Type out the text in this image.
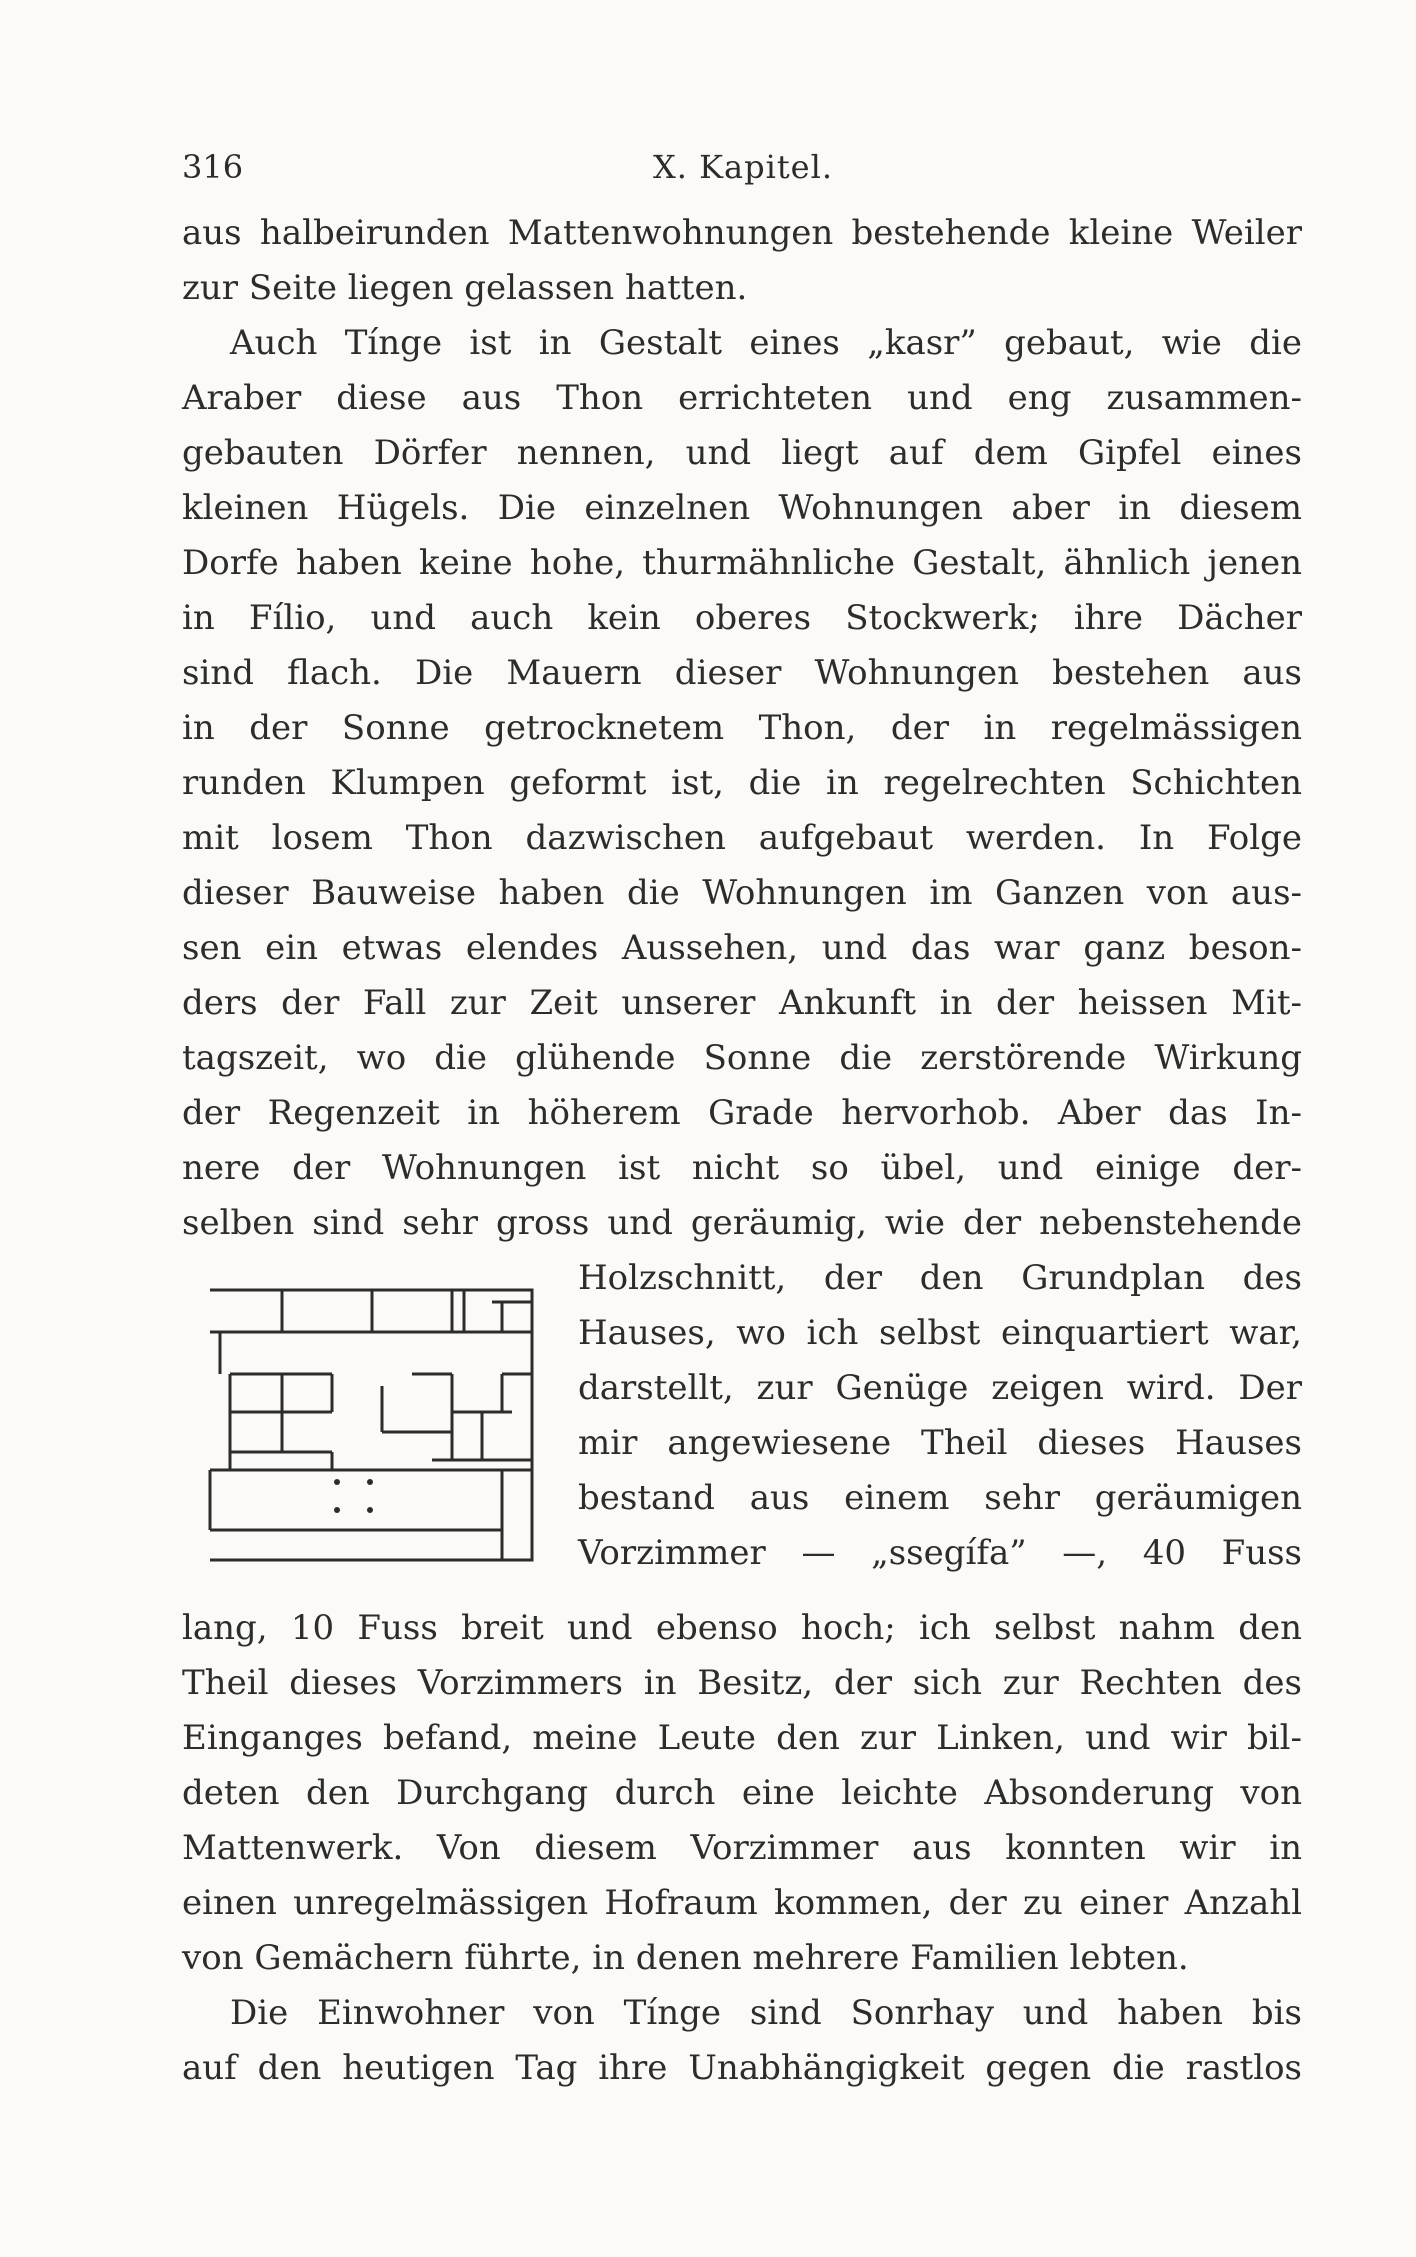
316	X. Kapitel.
aus halbeirunden Mattenwohnungen bestehende kleine Weiler
zur Seite liegen gelassen hatten.
Auch Tínge ist in Gestalt eines „kasr” gebaut, wie die
Araber diese aus Thon errichteten und eng zusammen-
gebauten Dörfer nennen, und liegt auf dem Gipfel eines
kleinen Hügels. Die einzelnen Wohnungen aber in diesem
Dorfe haben keine hohe, thurmähnliche Gestalt, ähnlich jenen
in Fílio, und auch kein oberes Stockwerk; ihre Dächer
sind flach. Die Mauern dieser Wohnungen bestehen aus
in der Sonne getrocknetem Thon, der in regelmässigen
runden Klumpen geformt ist, die in regelrechten Schichten
mit losem Thon dazwischen aufgebaut werden. In Folge
dieser Bauweise haben die Wohnungen im Ganzen von aus-
sen ein etwas elendes Aussehen, und das war ganz beson-
ders der Fall zur Zeit unserer Ankunft in der heissen Mit-
tagszeit, wo die glühende Sonne die zerstörende Wirkung
der Regenzeit in höherem Grade hervorhob. Aber das In-
nere der Wohnungen ist nicht so übel, und einige der-
selben sind sehr gross und geräumig, wie der nebenstehende
Holzschnitt, der den Grundplan des
Hauses, wo ich selbst einquartiert war,
darstellt, zur Genüge zeigen wird. Der
mir angewiesene Theil dieses Hauses
bestand aus einem sehr geräumigen
Vorzimmer — „ssegífa” —, 40 Fuss
lang, 10 Fuss breit und ebenso hoch; ich selbst nahm den
Theil dieses Vorzimmers in Besitz, der sich zur Rechten des
Einganges befand, meine Leute den zur Linken, und wir bil-
deten den Durchgang durch eine leichte Absonderung von
Mattenwerk. Von diesem Vorzimmer aus konnten wir in
einen unregelmässigen Hofraum kommen, der zu einer Anzahl
von Gemächern führte, in denen mehrere Familien lebten.
Die Einwohner von Tínge sind Sonrhay und haben bis
auf den heutigen Tag ihre Unabhängigkeit gegen die rastlos
